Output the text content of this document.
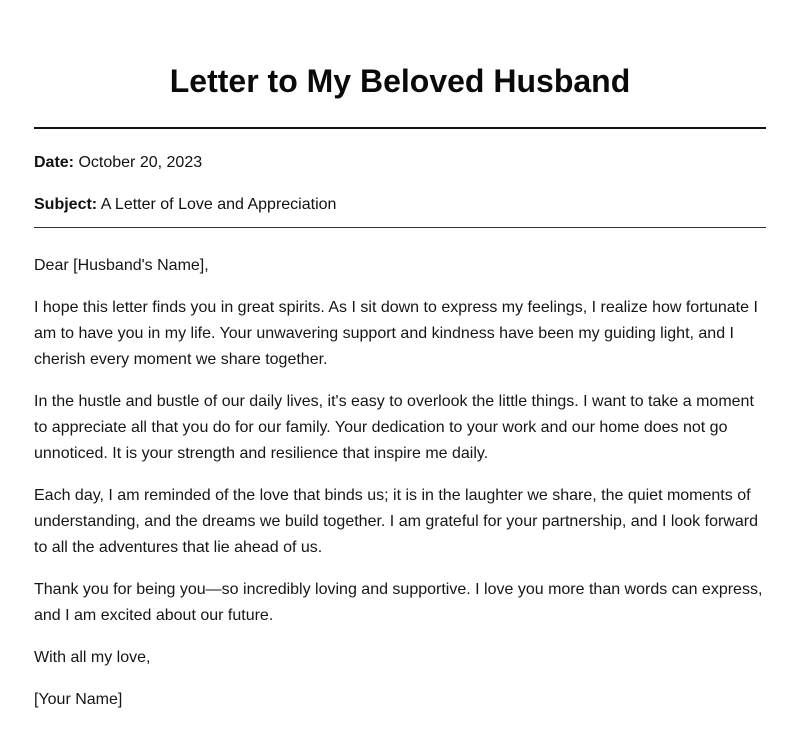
Letter to My Beloved Husband

Date: October 20, 2023

Subject: A Letter of Love and Appreciation

Dear [Husband's Name],

I hope this letter finds you in great spirits. As I sit down to express my feelings, I realize how fortunate I am to have you in my life. Your unwavering support and kindness have been my guiding light, and I cherish every moment we share together.

In the hustle and bustle of our daily lives, it's easy to overlook the little things. I want to take a moment to appreciate all that you do for our family. Your dedication to your work and our home does not go unnoticed. It is your strength and resilience that inspire me daily.

Each day, I am reminded of the love that binds us; it is in the laughter we share, the quiet moments of understanding, and the dreams we build together. I am grateful for your partnership, and I look forward to all the adventures that lie ahead of us.

Thank you for being you—so incredibly loving and supportive. I love you more than words can express, and I am excited about our future.

With all my love,

[Your Name]
